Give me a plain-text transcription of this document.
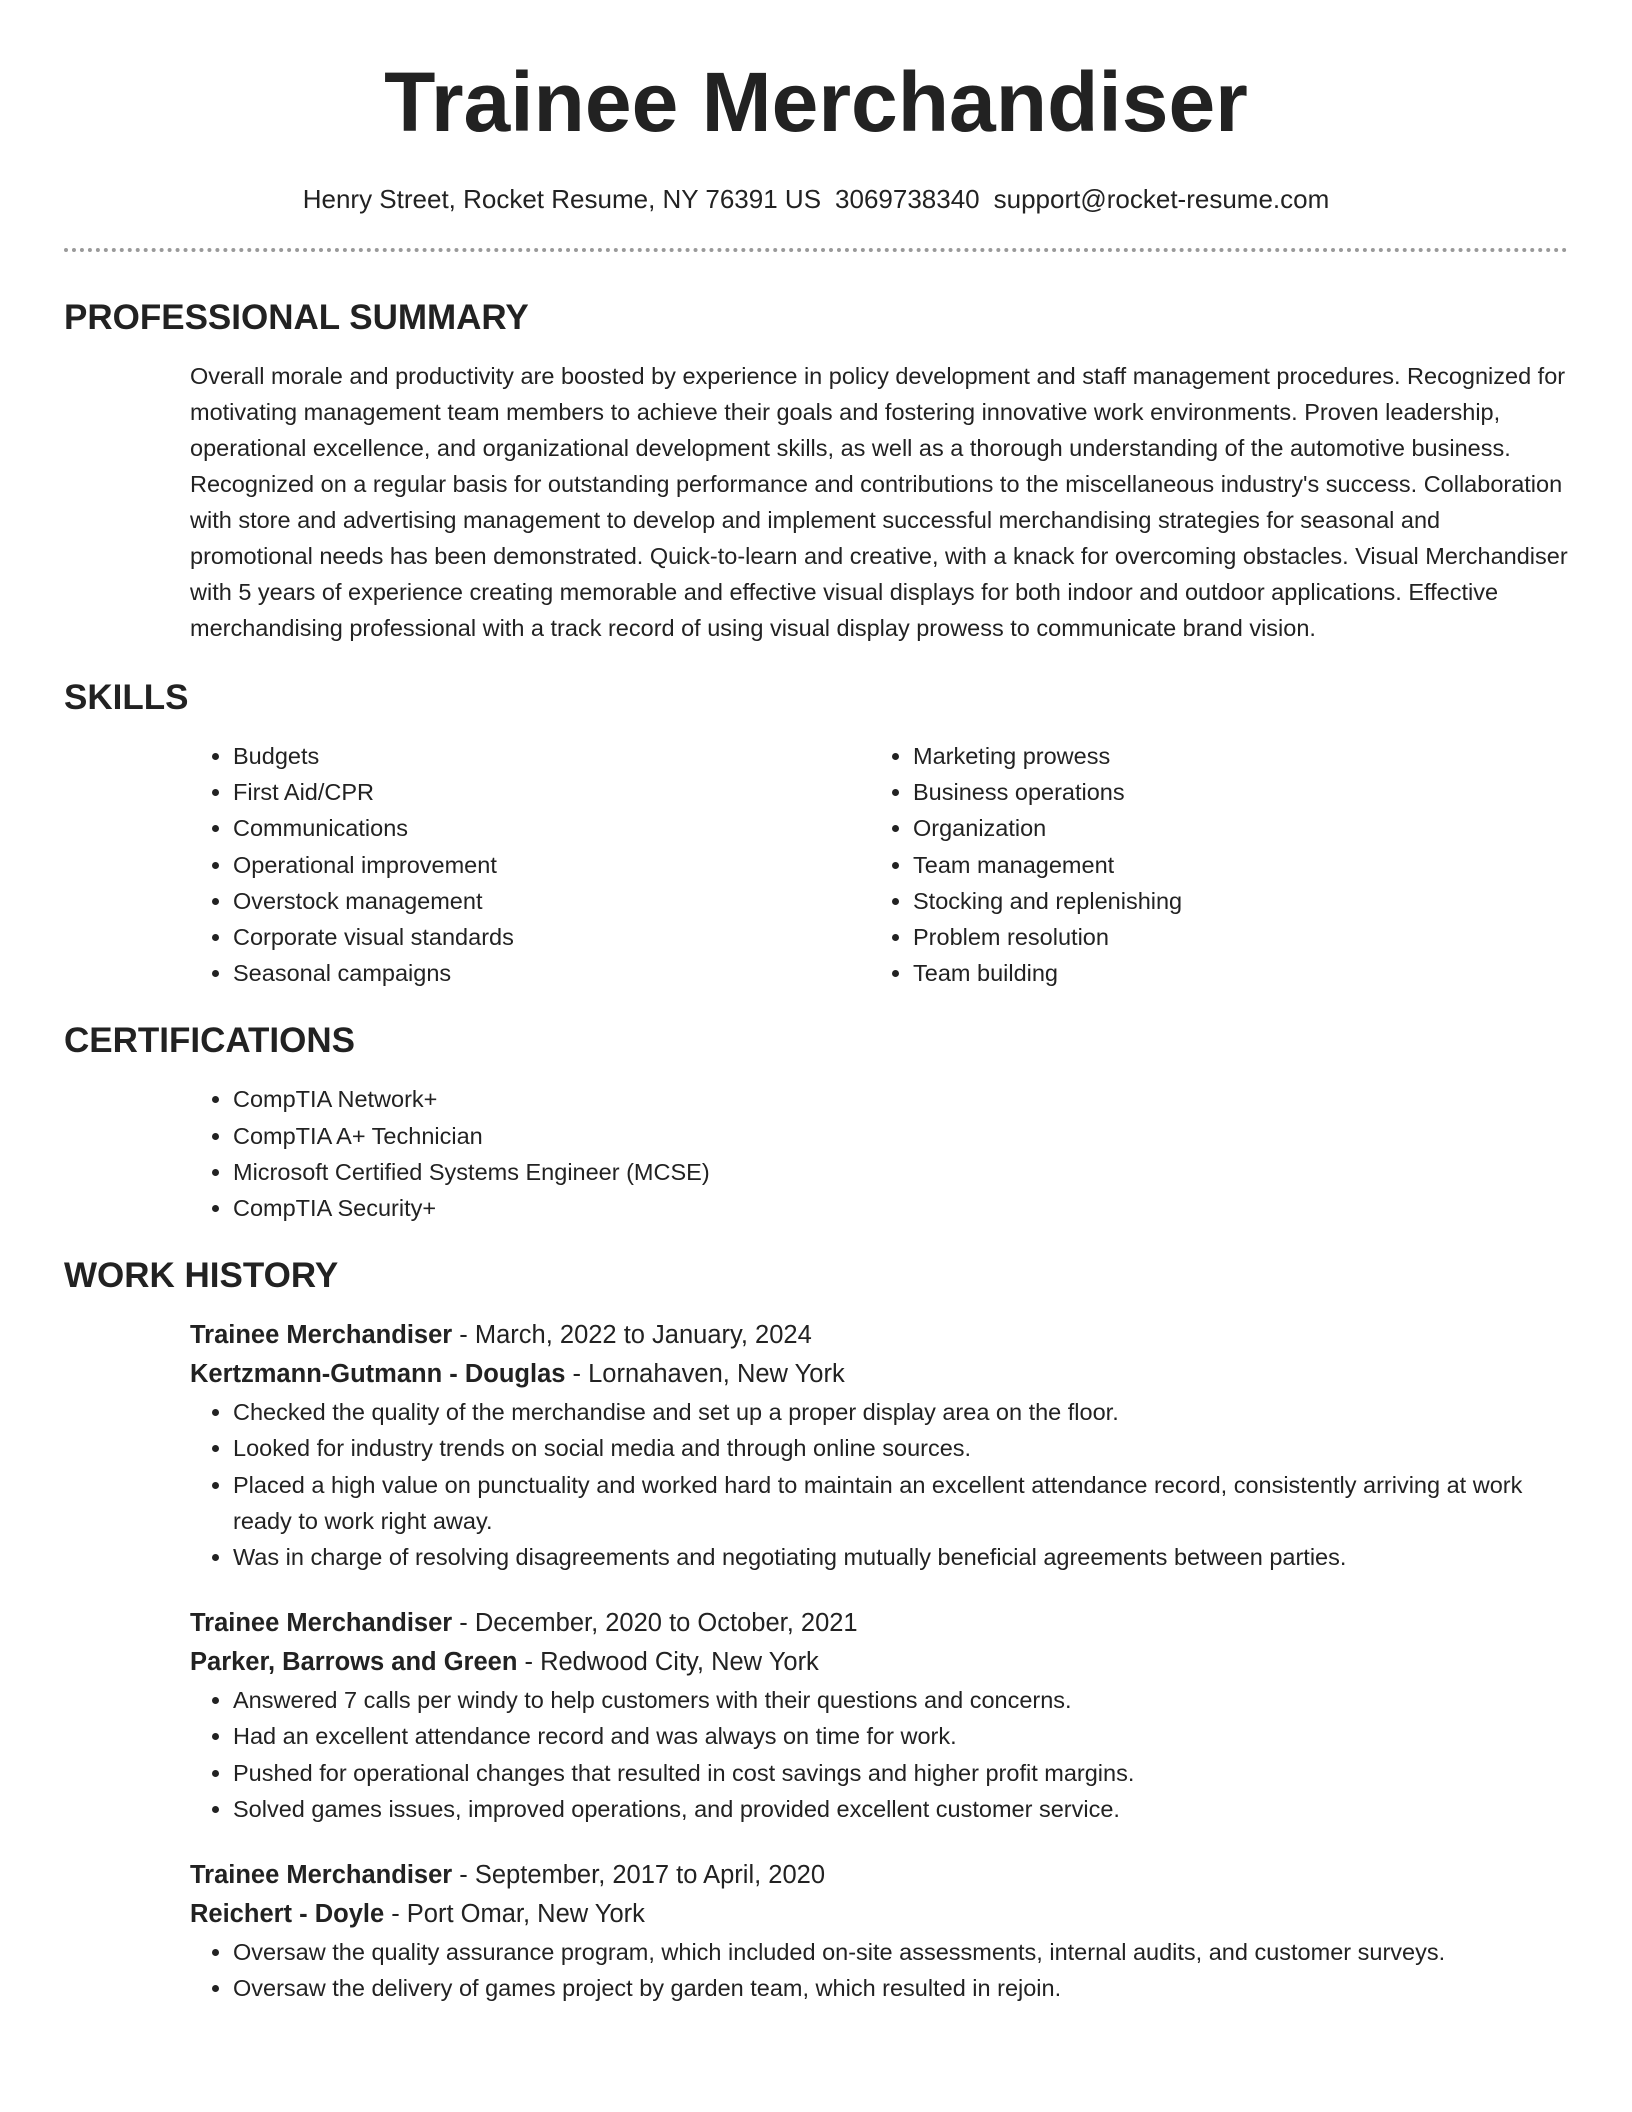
Trainee Merchandiser
Henry Street, Rocket Resume, NY 76391 US 3069738340 support@rocket-resume.com
PROFESSIONAL SUMMARY

Overall morale and productivity are boosted by experience in policy development and staff management procedures. Recognized for motivating management team members to achieve their goals and fostering innovative work environments. Proven leadership, operational excellence, and organizational development skills, as well as a thorough understanding of the automotive business. Recognized on a regular basis for outstanding performance and contributions to the miscellaneous industry's success. Collaboration with store and advertising management to develop and implement successful merchandising strategies for seasonal and promotional needs has been demonstrated. Quick-to-learn and creative, with a knack for overcoming obstacles. Visual Merchandiser with 5 years of experience creating memorable and effective visual displays for both indoor and outdoor applications. Effective merchandising professional with a track record of using visual display prowess to communicate brand vision.

SKILLS
• Budgets
• First Aid/CPR
• Communications
• Operational improvement
• Overstock management
• Corporate visual standards
• Seasonal campaigns
• Marketing prowess
• Business operations
• Organization
• Team management
• Stocking and replenishing
• Problem resolution
• Team building
CERTIFICATIONS
• CompTIA Network+
• CompTIA A+ Technician
• Microsoft Certified Systems Engineer (MCSE)
• CompTIA Security+
WORK HISTORY
Trainee Merchandiser - March, 2022 to January, 2024
Kertzmann-Gutmann - Douglas - Lornahaven, New York
• Checked the quality of the merchandise and set up a proper display area on the floor.
• Looked for industry trends on social media and through online sources.
• Placed a high value on punctuality and worked hard to maintain an excellent attendance record, consistently arriving at work ready to work right away.
• Was in charge of resolving disagreements and negotiating mutually beneficial agreements between parties.
Trainee Merchandiser - December, 2020 to October, 2021
Parker, Barrows and Green - Redwood City, New York
• Answered 7 calls per windy to help customers with their questions and concerns.
• Had an excellent attendance record and was always on time for work.
• Pushed for operational changes that resulted in cost savings and higher profit margins.
• Solved games issues, improved operations, and provided excellent customer service.
Trainee Merchandiser - September, 2017 to April, 2020
Reichert - Doyle - Port Omar, New York
• Oversaw the quality assurance program, which included on-site assessments, internal audits, and customer surveys.
• Oversaw the delivery of games project by garden team, which resulted in rejoin.
